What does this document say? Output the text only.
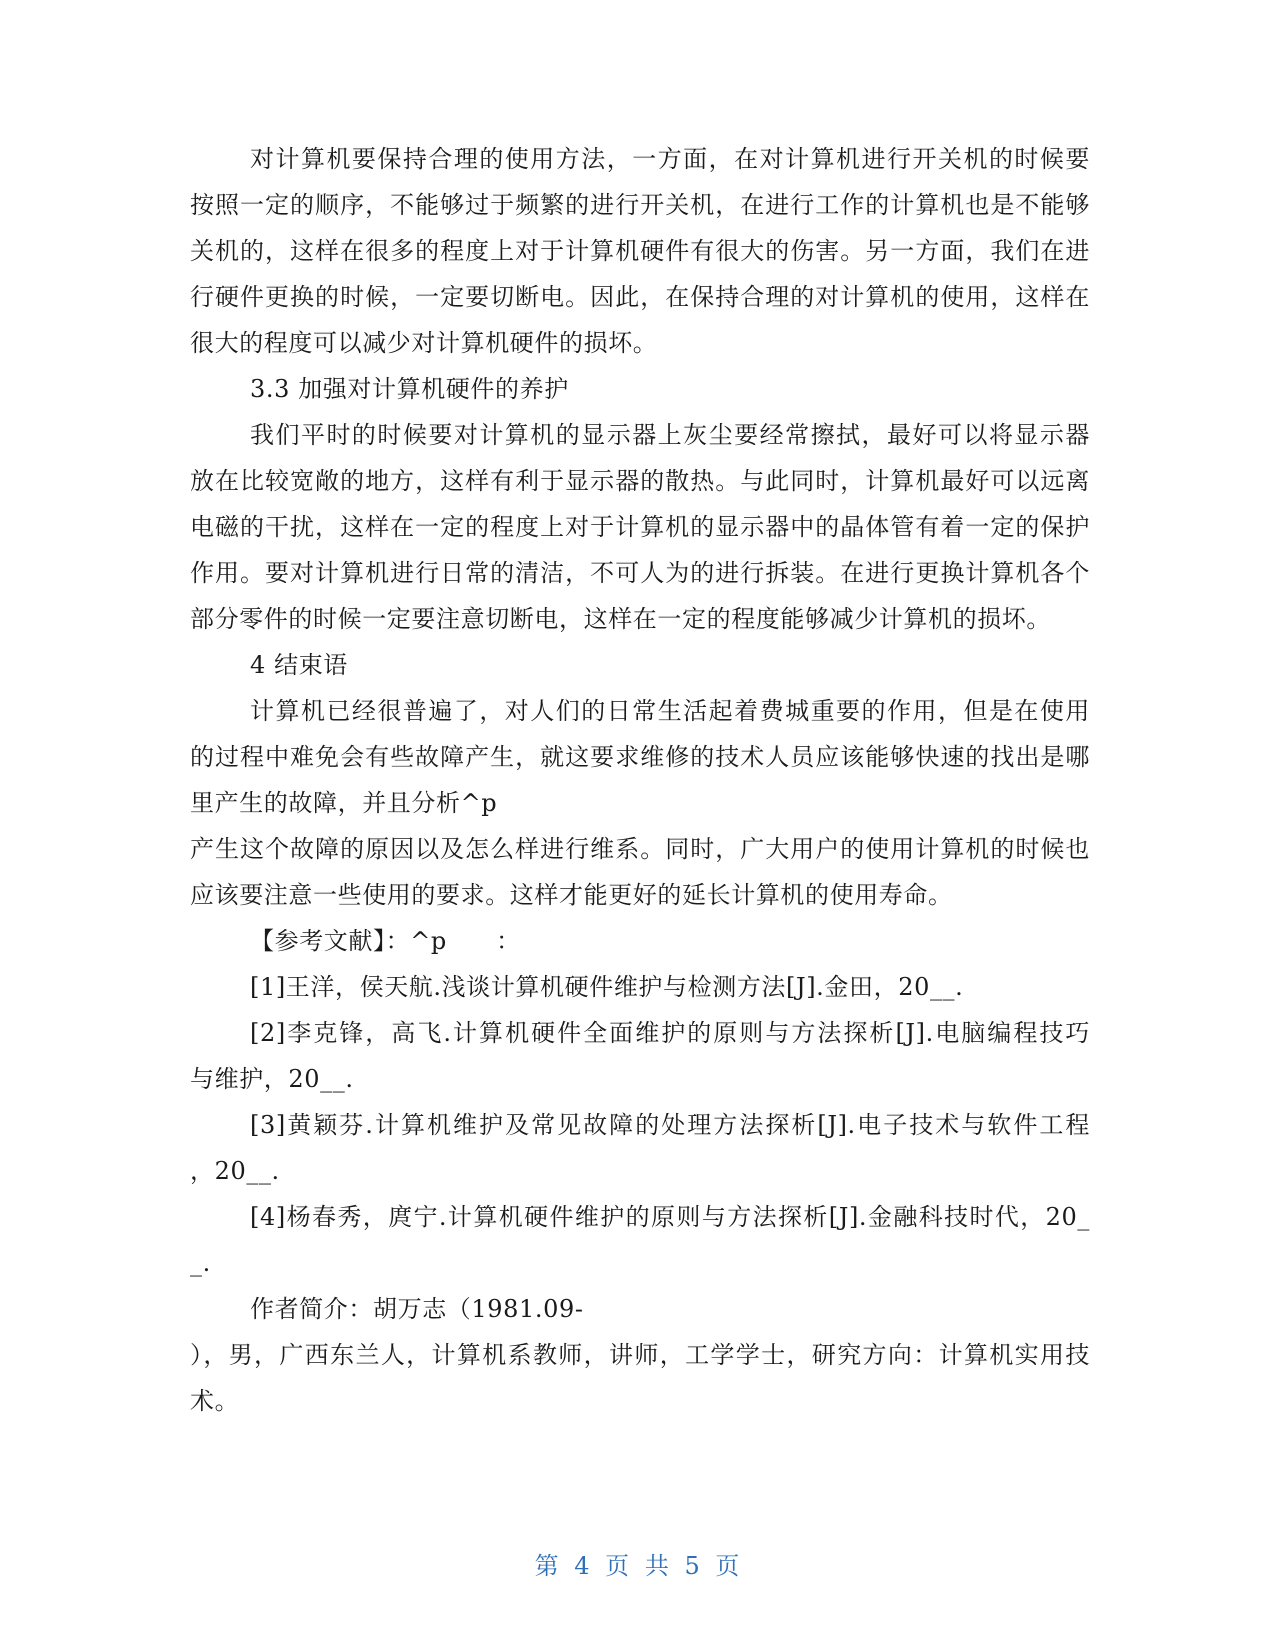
对计算机要保持合理的使用方法，一方面，在对计算机进行开关机的时候要
按照一定的顺序，不能够过于频繁的进行开关机，在进行工作的计算机也是不能够
关机的，这样在很多的程度上对于计算机硬件有很大的伤害。另一方面，我们在进
行硬件更换的时候，一定要切断电。因此，在保持合理的对计算机的使用，这样在
很大的程度可以减少对计算机硬件的损坏。
3.3 加强对计算机硬件的养护
我们平时的时候要对计算机的显示器上灰尘要经常擦拭，最好可以将显示器
放在比较宽敞的地方，这样有利于显示器的散热。与此同时，计算机最好可以远离
电磁的干扰，这样在一定的程度上对于计算机的显示器中的晶体管有着一定的保护
作用。要对计算机进行日常的清洁，不可人为的进行拆装。在进行更换计算机各个
部分零件的时候一定要注意切断电，这样在一定的程度能够减少计算机的损坏。
4 结束语
计算机已经很普遍了，对人们的日常生活起着费城重要的作用，但是在使用
的过程中难免会有些故障产生，就这要求维修的技术人员应该能够快速的找出是哪
里产生的故障，并且分析^p
产生这个故障的原因以及怎么样进行维系。同时，广大用户的使用计算机的时候也
应该要注意一些使用的要求。这样才能更好的延长计算机的使用寿命。
【参考文献】：^p　　：
[1]王洋，侯天航.浅谈计算机硬件维护与检测方法[J].金田，20__.
[2]李克锋，高飞.计算机硬件全面维护的原则与方法探析[J].电脑编程技巧
与维护，20__.
[3]黄颖芬.计算机维护及常见故障的处理方法探析[J].电子技术与软件工程
，20__.
[4]杨春秀，庹宁.计算机硬件维护的原则与方法探析[J].金融科技时代，20_
_.
作者简介：胡万志（1981.09-
），男，广西东兰人，计算机系教师，讲师，工学学士，研究方向：计算机实用技
术。
第 4 页 共 5 页
